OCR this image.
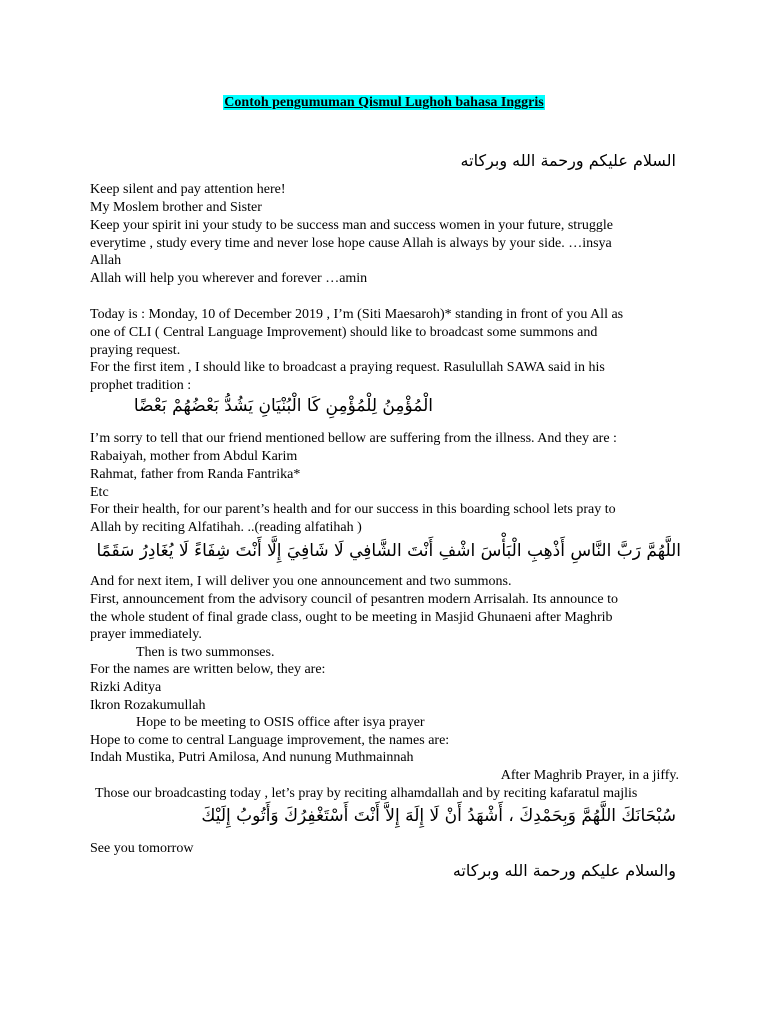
Contoh pengumuman Qismul Lughoh bahasa Inggris
السلام عليكم ورحمة الله وبركاته
Keep silent and pay attention here!
My Moslem brother and Sister
Keep your spirit ini your study to be success man and success women in your future, struggle
everytime , study every time and never lose hope cause Allah is always by your side. …insya
Allah
Allah will help you wherever and forever …amin
Today is : Monday, 10 of December 2019 , I’m (Siti Maesaroh)* standing in front of you All as
one of CLI ( Central Language Improvement) should like to broadcast some summons and
praying request.
For the first item , I should like to broadcast a praying request. Rasulullah SAWA said in his
prophet tradition :
الْمُؤْمِنُ لِلْمُؤْمِنِ كَا الْبُنْيَانِ يَشُدُّ بَعْضُهُمْ بَعْضًا
I’m sorry to tell that our friend mentioned bellow are suffering from the illness. And they are :
Rabaiyah, mother from Abdul Karim
Rahmat, father from Randa Fantrika*
Etc
For their health, for our parent’s health and for our success in this boarding school lets pray to
Allah by reciting Alfatihah. ..(reading alfatihah )
اللَّهُمَّ رَبَّ النَّاسِ أَذْهِبِ الْبَأْسَ اشْفِ أَنْتَ الشَّافِي لَا شَافِيَ إِلَّا أَنْتَ شِفَاءً لَا يُغَادِرُ سَقَمًا
And for next item, I will deliver you one announcement and two summons.
First, announcement from the advisory council of pesantren modern Arrisalah. Its announce to
the whole student of final grade class, ought to be meeting in Masjid Ghunaeni after Maghrib
prayer immediately.
Then is two summonses.
For the names are written below, they are:
Rizki Aditya
Ikron Rozakumullah
Hope to be meeting to OSIS office after isya prayer
Hope to come to central Language improvement, the names are:
Indah Mustika, Putri Amilosa, And nunung Muthmainnah
After Maghrib Prayer, in a jiffy.
Those our broadcasting today , let’s pray by reciting alhamdallah and by reciting kafaratul majlis
سُبْحَانَكَ اللَّهُمَّ وَبِحَمْدِكَ ، أَشْهَدُ أَنْ لَا إِلَهَ إِلاَّ أَنْتَ أَسْتَغْفِرُكَ وَأَتُوبُ إِلَيْكَ
See you tomorrow
والسلام عليكم ورحمة الله وبركاته
